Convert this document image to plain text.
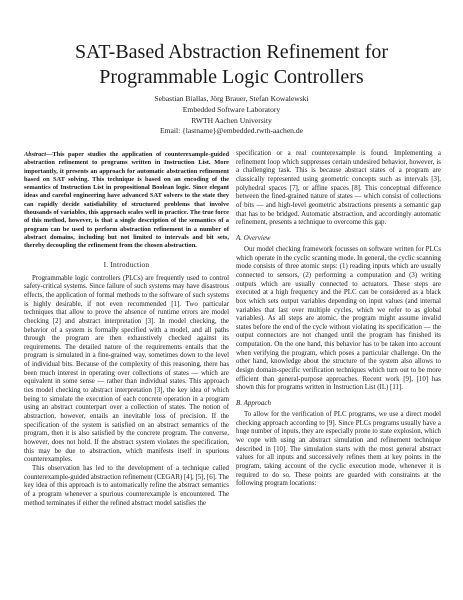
SAT-Based Abstraction Refinement for
Programmable Logic Controllers
Sebastian Biallas, Jörg Brauer, Stefan Kowalewski
Embedded Software Laboratory
RWTH Aachen University
Email: {lastname}@embedded.rwth-aachen.de

Abstract—This paper studies the application of counterexample-guided abstraction refinement to programs written in Instruction List. More importantly, it presents an approach for automatic abstraction refinement based on SAT solving. This technique is based on an encoding of the semantics of Instruction List in propositional Boolean logic. Since elegant ideas and careful engineering have advanced SAT solvers to the state they can rapidly decide satisfiability of structured problems that involve thousands of variables, this approach scales well in practice. The true force of this method, however, is that a single description of the semantics of a program can be used to perform abstraction refinement in a number of abstract domains, including but not limited to intervals and bit sets, thereby decoupling the refinement from the chosen abstraction.

I. Introduction

Programmable logic controllers (PLCs) are frequently used to control safety-critical systems. Since failure of such systems may have disastrous effects, the application of formal methods to the software of such systems is highly desirable, if not even recommended [1]. Two particular techniques that allow to prove the absence of runtime errors are model checking [2] and abstract interpretation [3]. In model checking, the behavior of a system is formally specified with a model, and all paths through the program are then exhaustively checked against its requirements. The detailed nature of the requirements entails that the program is simulated in a fine-grained way, sometimes down to the level of individual bits. Because of the complexity of this reasoning, there has been much interest in operating over collections of states — which are equivalent in some sense — rather than individual states. This approach ties model checking to abstract interpretation [3], the key idea of which being to simulate the execution of each concrete operation in a program using an abstract counterpart over a collection of states. The notion of abstraction, however, entails an inevitable loss of precision. If the specification of the system is satisfied on an abstract semantics of the program, then it is also satisfied by the concrete program. The converse, however, does not hold. If the abstract system violates the specification, this may be due to abstraction, which manifests itself in spurious counterexamples.

This observation has led to the development of a technique called counterexample-guided abstraction refinement (CEGAR) [4], [5], [6]. The key idea of this approach is to automatically refine the abstract semantics of a program whenever a spurious counterexample is encountered. The method terminates if either the refined abstract model satisfies the

specification or a real counterexample is found. Implementing a refinement loop which suppresses certain undesired behavior, however, is a challenging task. This is because abstract states of a program are classically represented using geometric concepts such as intervals [3], polyhedral spaces [7], or affine spaces [8]. This conceptual difference between the fined-grained nature of states — which consist of collections of bits — and high-level geometric abstractions presents a semantic gap that has to be bridged. Automatic abstraction, and accordingly automatic refinement, presents a technique to overcome this gap.

A. Overview

Our model checking framework focusses on software written for PLCs which operate in the cyclic scanning mode. In general, the cyclic scanning mode consists of three atomic steps: (1) reading inputs which are usually connected to sensors, (2) performing a computation and (3) writing outputs which are usually connected to actuators. These steps are executed at a high frequency and the PLC can be considered as a black box which sets output variables depending on input values (and internal variables that last over multiple cycles, which we refer to as global variables). As all steps are atomic, the program might assume invalid states before the end of the cycle without violating its specification — the output connectors are not changed until the program has finished its computation. On the one hand, this behavior has to be taken into account when verifying the program, which poses a particular challenge. On the other hand, knowledge about the structure of the system also allows to design domain-specific verification techniques which turn out to be more efficient than general-purpose approaches. Recent work [9], [10] has shown this for programs written in Instruction List (IL) [11].

B. Approach

To allow for the verification of PLC programs, we use a direct model checking approach according to [9]. Since PLCs programs usually have a huge number of inputs, they are especially prone to state explosion, which we cope with using an abstract simulation and refinement technique described in [10]. The simulation starts with the most general abstract values for all inputs and successively refines them at key points in the program, taking account of the cyclic execution mode, whenever it is required to do so. These points are guarded with constraints at the following program locations:
